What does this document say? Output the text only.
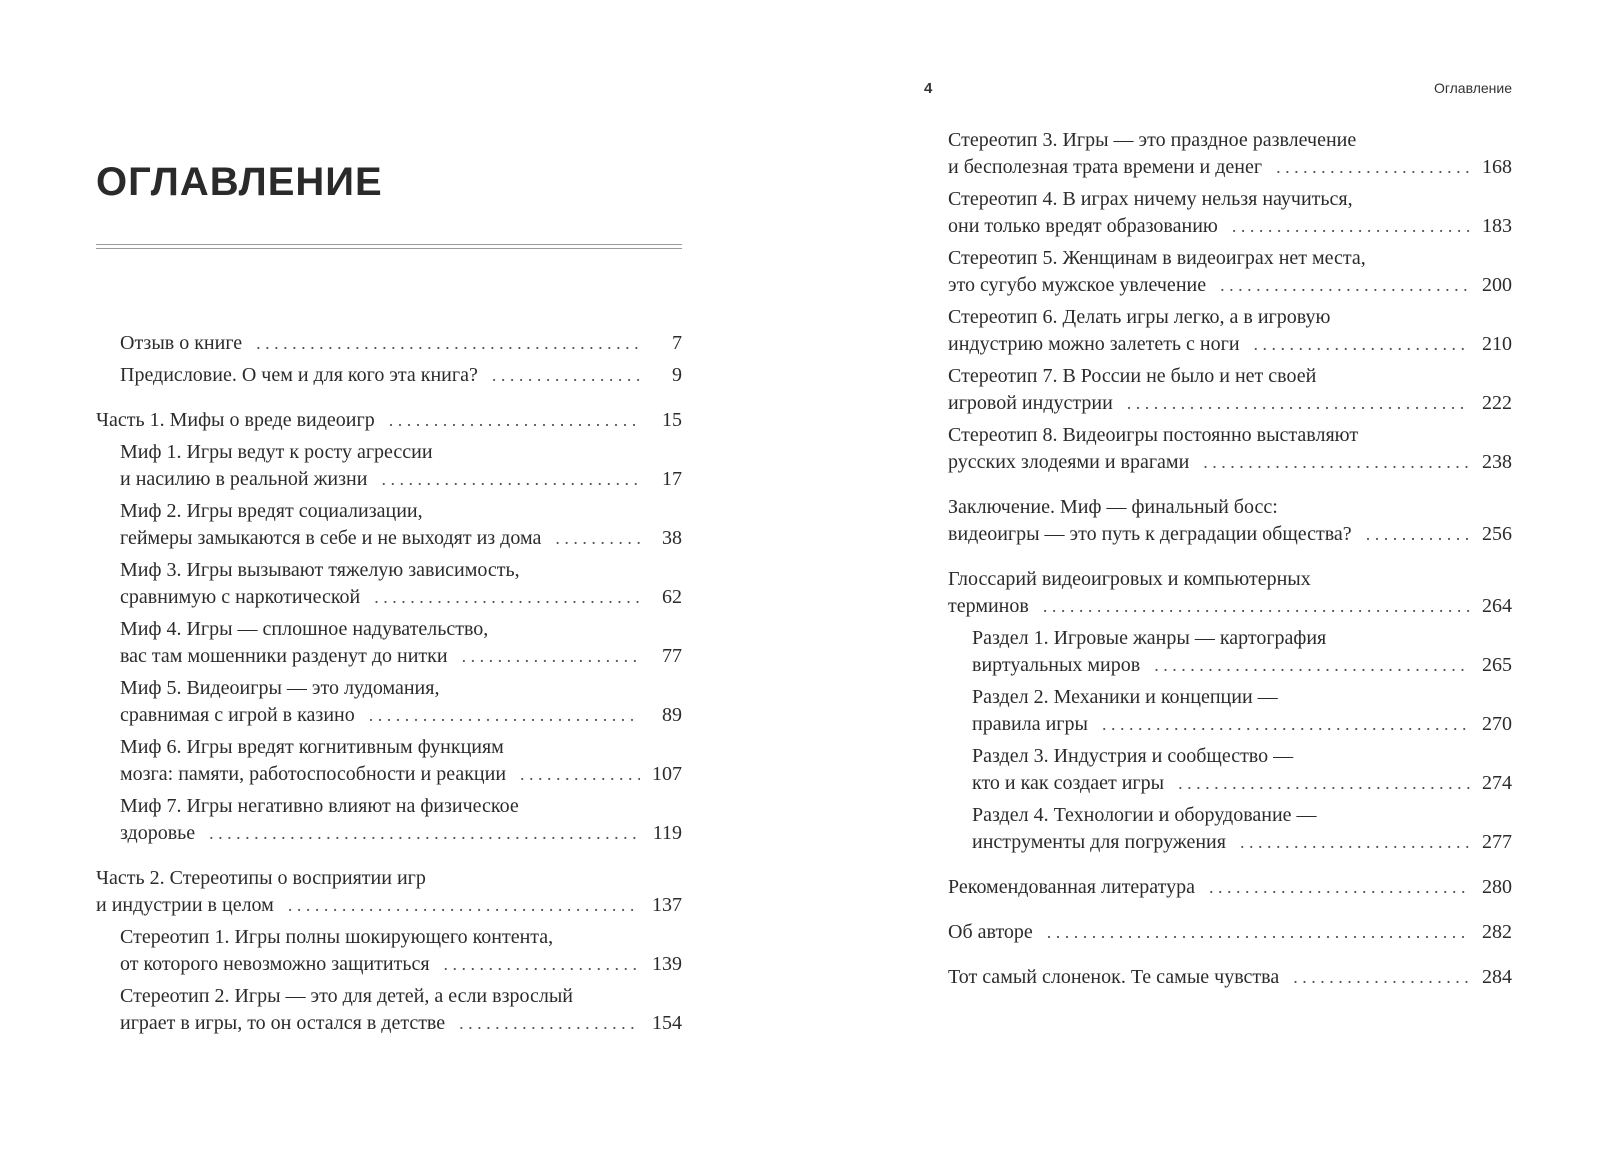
ОГЛАВЛЕНИЕ
Отзыв о книге . . .	7
Предисловие. О чем и для кого эта книга? . . .	9
Часть 1. Мифы о вреде видеоигр . . .	15
Миф 1. Игры ведут к росту агрессии
и насилию в реальной жизни . . .	17
Миф 2. Игры вредят социализации,
геймеры замыкаются в себе и не выходят из дома . . .	38
Миф 3. Игры вызывают тяжелую зависимость,
сравнимую с наркотической . . .	62
Миф 4. Игры — сплошное надувательство,
вас там мошенники разденут до нитки . . .	77
Миф 5. Видеоигры — это лудомания,
сравнимая с игрой в казино . . .	89
Миф 6. Игры вредят когнитивным функциям
мозга: памяти, работоспособности и реакции . . .	107
Миф 7. Игры негативно влияют на физическое
здоровье . . .	119
Часть 2. Стереотипы о восприятии игр
и индустрии в целом . . .	137
Стереотип 1. Игры полны шокирующего контента,
от которого невозможно защититься . . .	139
Стереотип 2. Игры — это для детей, а если взрослый
играет в игры, то он остался в детстве . . .	154
4	Оглавление
Стереотип 3. Игры — это праздное развлечение
и бесполезная трата времени и денег . . .	168
Стереотип 4. В играх ничему нельзя научиться,
они только вредят образованию . . .	183
Стереотип 5. Женщинам в видеоиграх нет места,
это сугубо мужское увлечение . . .	200
Стереотип 6. Делать игры легко, а в игровую
индустрию можно залететь с ноги . . .	210
Стереотип 7. В России не было и нет своей
игровой индустрии . . .	222
Стереотип 8. Видеоигры постоянно выставляют
русских злодеями и врагами . . .	238
Заключение. Миф — финальный босс:
видеоигры — это путь к деградации общества? . . .	256
Глоссарий видеоигровых и компьютерных
терминов . . .	264
Раздел 1. Игровые жанры — картография
виртуальных миров . . .	265
Раздел 2. Механики и концепции —
правила игры . . .	270
Раздел 3. Индустрия и сообщество —
кто и как создает игры . . .	274
Раздел 4. Технологии и оборудование —
инструменты для погружения . . .	277
Рекомендованная литература . . .	280
Об авторе . . .	282
Тот самый слоненок. Те самые чувства . . .	284
